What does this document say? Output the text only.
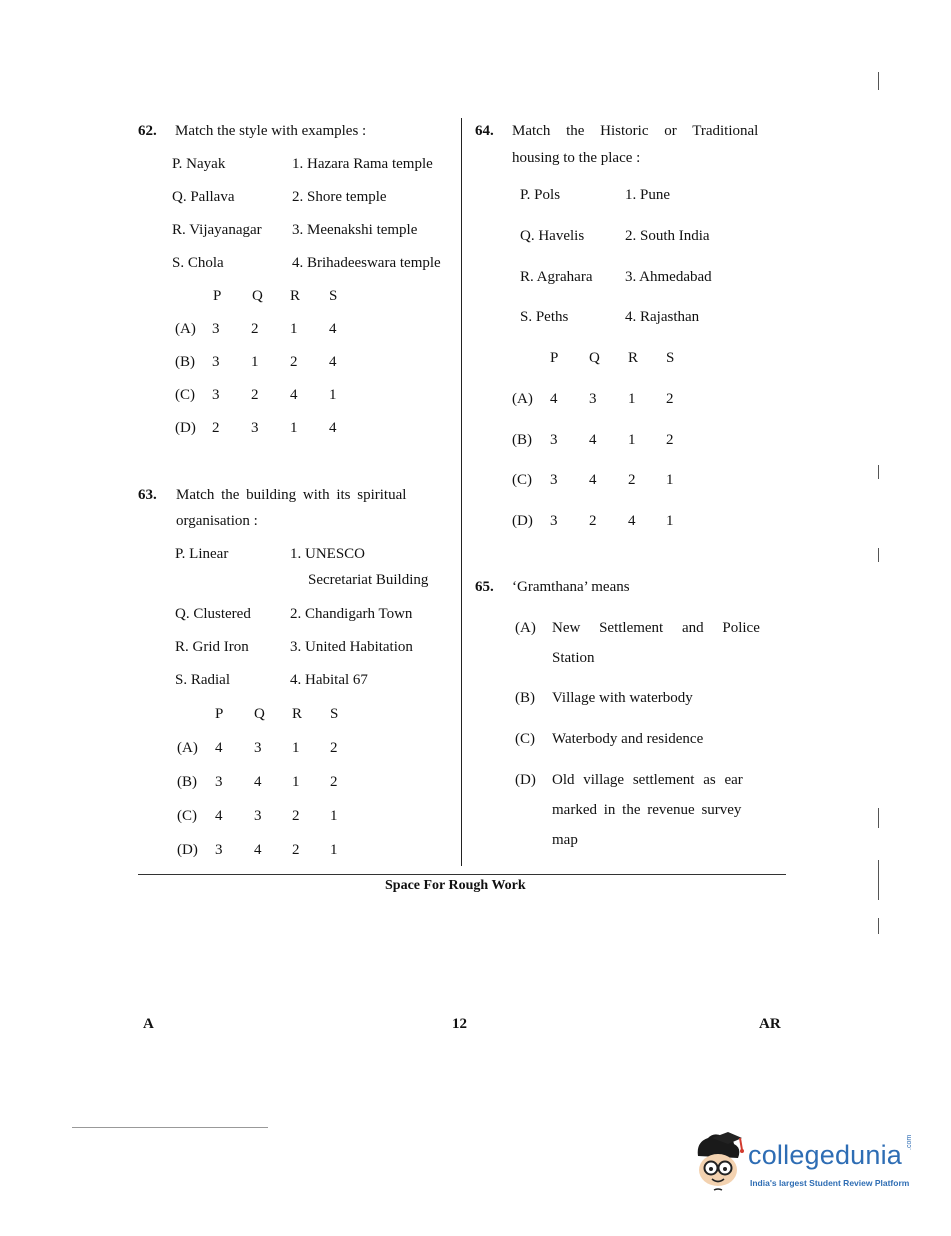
62. Match the style with examples :
P. Nayak
Q. Pallava
R. Vijayanagar
S. Chola
1. Hazara Rama temple
2. Shore temple
3. Meenakshi temple
4. Brihadeeswara temple
P Q R S
(A) 3 2 1 4
(B) 3 1 2 4
(C) 3 2 4 1
(D) 2 3 1 4
63. Match the building with its spiritual
organisation :
P. Linear
Q. Clustered
R. Grid Iron
S. Radial
1. UNESCO
Secretariat Building
2. Chandigarh Town
3. United Habitation
4. Habital 67
P Q R S
(A) 4 3 1 2
(B) 3 4 1 2
(C) 4 3 2 1
(D) 3 4 2 1
64. Match the Historic or Traditional
housing to the place :
P. Pols
Q. Havelis
R. Agrahara
S. Peths
1. Pune
2. South India
3. Ahmedabad
4. Rajasthan
P Q R S
(A) 4 3 1 2
(B) 3 4 1 2
(C) 3 4 2 1
(D) 3 2 4 1
65. ‘Gramthana’ means
(A) New Settlement and Police
Station
(B) Village with waterbody
(C) Waterbody and residence
(D) Old village settlement as ear
marked in the revenue survey
map
Space For Rough Work
A	12	AR
collegedunia .com
India's largest Student Review Platform
